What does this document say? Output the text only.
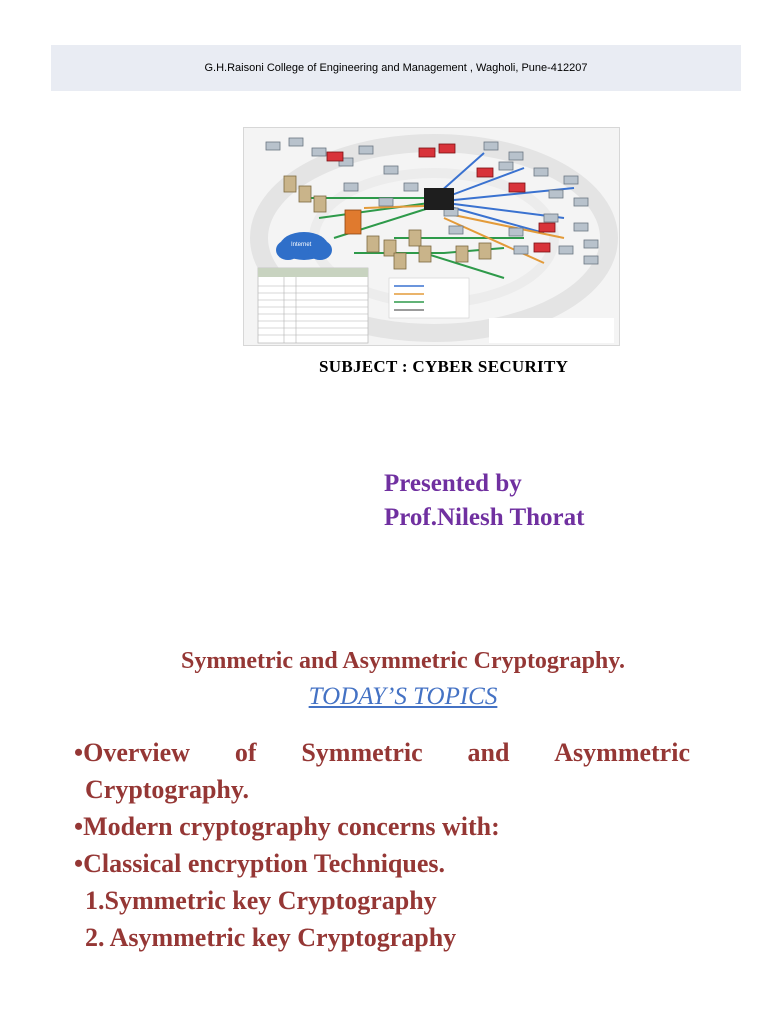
G.H.Raisoni College of Engineering and Management , Wagholi, Pune-412207
Internet
SUBJECT : CYBER SECURITY
Presented by
Prof.Nilesh Thorat
Symmetric and Asymmetric Cryptography.
TODAY’S TOPICS
•Overview of Symmetric and Asymmetric
Cryptography.
•Modern cryptography concerns with:
•Classical encryption Techniques.
1.Symmetric key Cryptography
2. Asymmetric key Cryptography
